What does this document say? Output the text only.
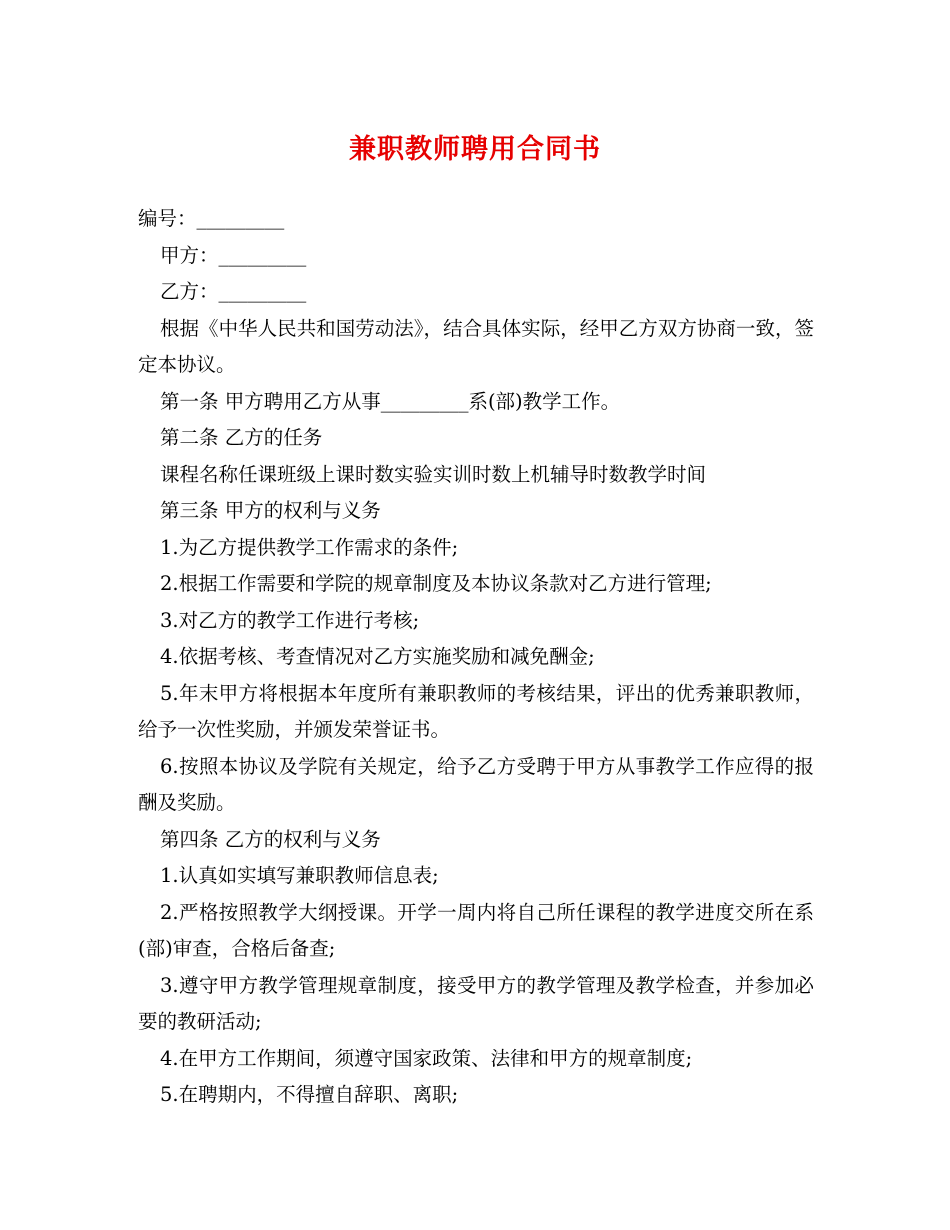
兼职教师聘用合同书

编号：_________

甲方：_________

乙方：_________

根据《中华人民共和国劳动法》，结合具体实际，经甲乙方双方协商一致，签定本协议。

第一条 甲方聘用乙方从事_________系(部)教学工作。

第二条 乙方的任务

课程名称任课班级上课时数实验实训时数上机辅导时数教学时间

第三条 甲方的权利与义务

1.为乙方提供教学工作需求的条件;

2.根据工作需要和学院的规章制度及本协议条款对乙方进行管理;

3.对乙方的教学工作进行考核;

4.依据考核、考查情况对乙方实施奖励和减免酬金;

5.年末甲方将根据本年度所有兼职教师的考核结果，评出的优秀兼职教师，给予一次性奖励，并颁发荣誉证书。

6.按照本协议及学院有关规定，给予乙方受聘于甲方从事教学工作应得的报酬及奖励。

第四条 乙方的权利与义务

1.认真如实填写兼职教师信息表;

2.严格按照教学大纲授课。开学一周内将自己所任课程的教学进度交所在系(部)审查，合格后备查;

3.遵守甲方教学管理规章制度，接受甲方的教学管理及教学检查，并参加必要的教研活动;

4.在甲方工作期间，须遵守国家政策、法律和甲方的规章制度;

5.在聘期内，不得擅自辞职、离职;
